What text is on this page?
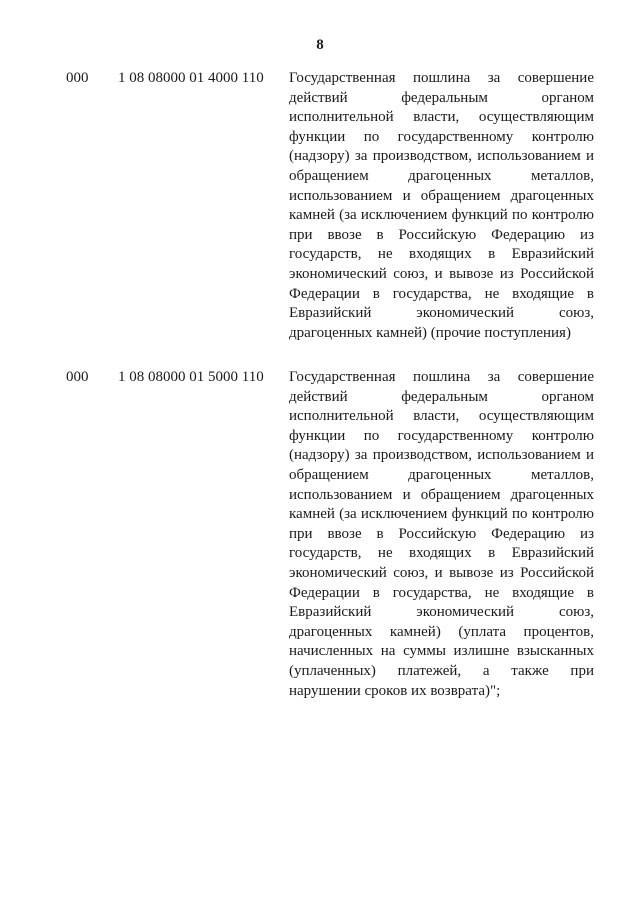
8
000	1 08 08000 01 4000 110	Государственная пошлина за совершение действий федеральным органом исполнительной власти, осуществляющим функции по государственному контролю (надзору) за производством, использованием и обращением драгоценных металлов, использованием и обращением драгоценных камней (за исключением функций по контролю при ввозе в Российскую Федерацию из государств, не входящих в Евразийский экономический союз, и вывозе из Российской Федерации в государства, не входящие в Евразийский экономический союз, драгоценных камней) (прочие поступления)
000	1 08 08000 01 5000 110	Государственная пошлина за совершение действий федеральным органом исполнительной власти, осуществляющим функции по государственному контролю (надзору) за производством, использованием и обращением драгоценных металлов, использованием и обращением драгоценных камней (за исключением функций по контролю при ввозе в Российскую Федерацию из государств, не входящих в Евразийский экономический союз, и вывозе из Российской Федерации в государства, не входящие в Евразийский экономический союз, драгоценных камней) (уплата процентов, начисленных на суммы излишне взысканных (уплаченных) платежей, а также при нарушении сроков их возврата)";
